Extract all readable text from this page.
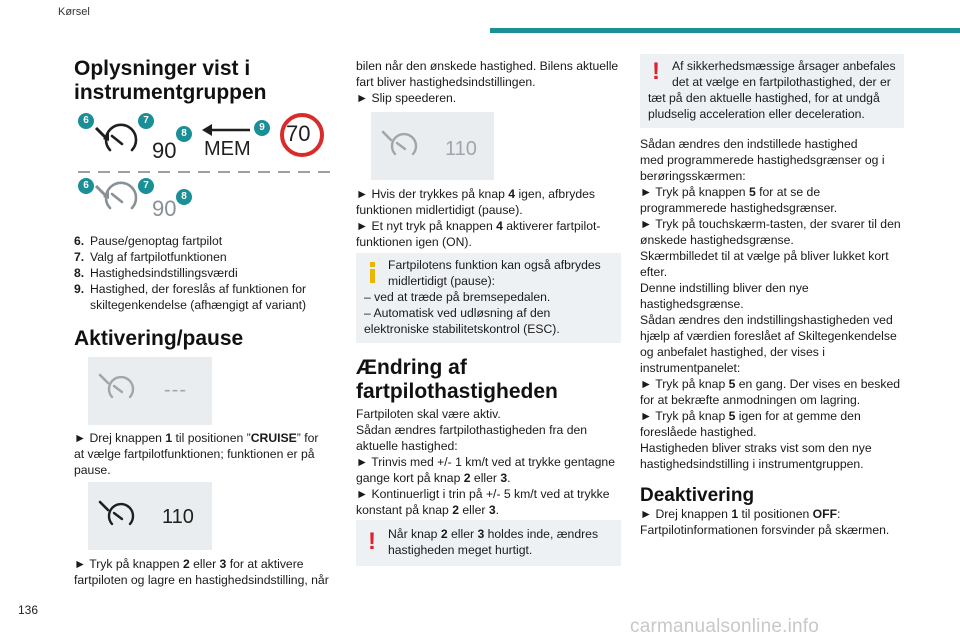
Kørsel
136
carmanualsonline.info
Oplysninger vist i
instrumentgruppen
90 MEM
70
90
6	7
8
9
6	7
8
6. Pause/genoptag fartpilot
7. Valg af fartpilotfunktionen
8. Hastighedsindstillingsværdi
9. Hastighed, der foreslås af funktionen for
skiltegenkendelse (afhængigt af variant)
Aktivering/pause
---
► Drej knappen 1 til positionen ”CRUISE” for
at vælge fartpilotfunktionen; funktionen er på
pause.
110
► Tryk på knappen 2 eller 3 for at aktivere
fartpiloten og lagre en hastighedsindstilling, når
bilen når den ønskede hastighed. Bilens aktuelle
fart bliver hastighedsindstillingen.
► Slip speederen.
110
► Hvis der trykkes på knap 4 igen, afbrydes
funktionen midlertidigt (pause).
► Et nyt tryk på knappen 4 aktiverer fartpilot-
funktionen igen (ON).
Fartpilotens funktion kan også afbrydes
midlertidigt (pause):
– ved at træde på bremsepedalen.
– Automatisk ved udløsning af den
elektroniske stabilitetskontrol (ESC).
Ændring af
fartpilothastigheden
Fartpiloten skal være aktiv.
Sådan ændres fartpilothastigheden fra den
aktuelle hastighed:
► Trinvis med +/- 1 km/t ved at trykke gentagne
gange kort på knap 2 eller 3.
► Kontinuerligt i trin på +/- 5 km/t ved at trykke
konstant på knap 2 eller 3.
! Når knap 2 eller 3 holdes inde, ændres
hastigheden meget hurtigt.
! Af sikkerhedsmæssige årsager anbefales
det at vælge en fartpilothastighed, der er
tæt på den aktuelle hastighed, for at undgå
pludselig acceleration eller deceleration.
Sådan ændres den indstillede hastighed
med programmerede hastighedsgrænser og i
berøringsskærmen:
► Tryk på knappen 5 for at se de
programmerede hastighedsgrænser.
► Tryk på touchskærm-tasten, der svarer til den
ønskede hastighedsgrænse.
Skærmbilledet til at vælge på bliver lukket kort
efter.
Denne indstilling bliver den nye
hastighedsgrænse.
Sådan ændres den indstillingshastigheden ved
hjælp af værdien foreslået af Skiltegenkendelse
og anbefalet hastighed, der vises i
instrumentpanelet:
► Tryk på knap 5 en gang. Der vises en besked
for at bekræfte anmodningen om lagring.
► Tryk på knap 5 igen for at gemme den
foreslåede hastighed.
Hastigheden bliver straks vist som den nye
hastighedsindstilling i instrumentgruppen.
Deaktivering
► Drej knappen 1 til positionen OFF:
Fartpilotinformationen forsvinder på skærmen.
